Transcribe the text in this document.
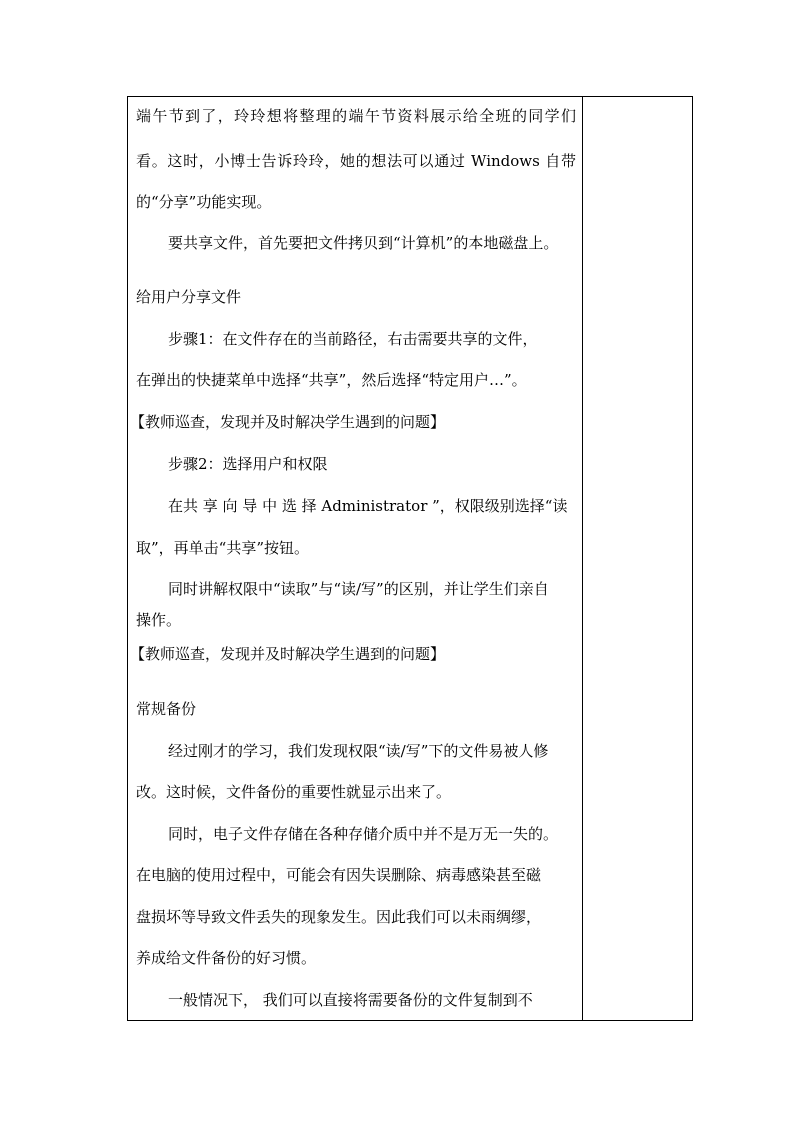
端午节到了，玲玲想将整理的端午节资料展示给全班的同学们
看。这时，小博士告诉玲玲，她的想法可以通过 Windows 自带
的“分享”功能实现。
要共享文件，首先要把文件拷贝到“计算机”的本地磁盘上。
给用户分享文件
步骤1：在文件存在的当前路径，右击需要共享的文件，
在弹出的快捷菜单中选择“共享”，然后选择“特定用户…”。
【教师巡查，发现并及时解决学生遇到的问题】
步骤2：选择用户和权限
在共 享 向 导 中 选 择 Administrator ”，权限级别选择“读
取”，再单击“共享”按钮。
同时讲解权限中“读取”与“读/写”的区别，并让学生们亲自
操作。
【教师巡查，发现并及时解决学生遇到的问题】
常规备份
经过刚才的学习，我们发现权限“读/写”下的文件易被人修
改。这时候，文件备份的重要性就显示出来了。
同时，电子文件存储在各种存储介质中并不是万无一失的。
在电脑的使用过程中，可能会有因失误删除、病毒感染甚至磁
盘损坏等导致文件丢失的现象发生。因此我们可以未雨绸缪，
养成给文件备份的好习惯。
一般情况下， 我们可以直接将需要备份的文件复制到不
